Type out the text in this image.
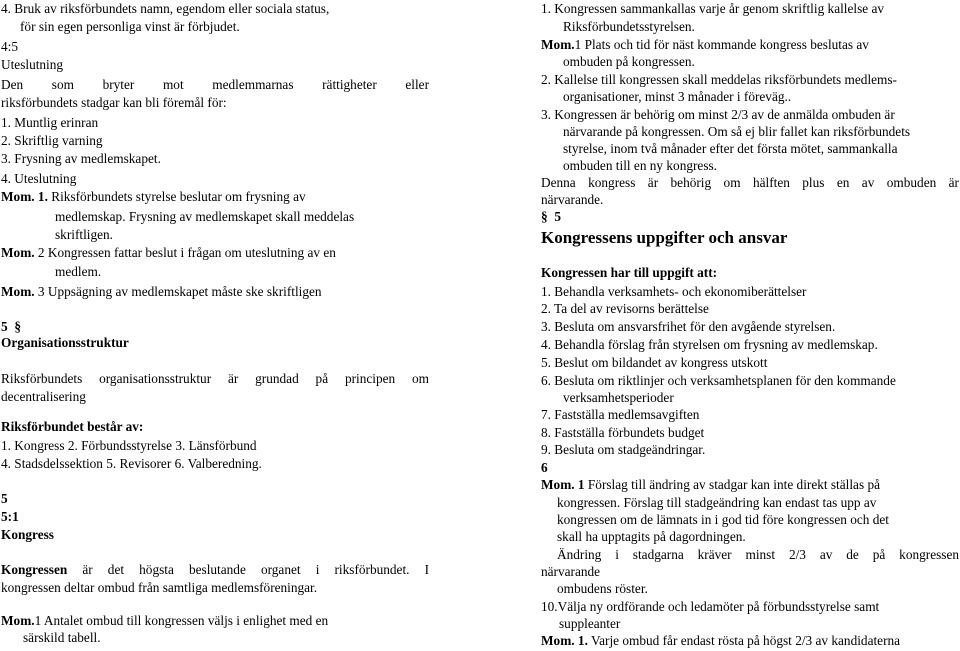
4. Bruk av riksförbundets namn, egendom eller sociala status,
för sin egen personliga vinst är förbjudet.
4:5
Uteslutning
Den som bryter mot medlemmarnas rättigheter eller
riksförbundets stadgar kan bli föremål för:
1. Muntlig erinran
2. Skriftlig varning
3. Frysning av medlemskapet.
4. Uteslutning
Mom. 1. Riksförbundets styrelse beslutar om frysning av
medlemskap. Frysning av medlemskapet skall meddelas
skriftligen.
Mom. 2 Kongressen fattar beslut i frågan om uteslutning av en
medlem.
Mom. 3 Uppsägning av medlemskapet måste ske skriftligen
5 §
Organisationsstruktur
Riksförbundets organisationsstruktur är grundad på principen om
decentralisering
Riksförbundet består av:
1. Kongress 2. Förbundsstyrelse 3. Länsförbund
4. Stadsdelssektion 5. Revisorer 6. Valberedning.
5
5:1
Kongress
Kongressen är det högsta beslutande organet i riksförbundet. I
kongressen deltar ombud från samtliga medlemsföreningar.
Mom.1 Antalet ombud till kongressen väljs i enlighet med en
särskild tabell.
1. Kongressen sammankallas varje år genom skriftlig kallelse av
Riksförbundetsstyrelsen.
Mom.1 Plats och tid för näst kommande kongress beslutas av
ombuden på kongressen.
2. Kallelse till kongressen skall meddelas riksförbundets medlems-
organisationer, minst 3 månader i föreväg..
3. Kongressen är behörig om minst 2/3 av de anmälda ombuden är
närvarande på kongressen. Om så ej blir fallet kan riksförbundets
styrelse, inom två månader efter det första mötet, sammankalla
ombuden till en ny kongress.
Denna kongress är behörig om hälften plus en av ombuden är
närvarande.
§ 5
Kongressens uppgifter och ansvar
Kongressen har till uppgift att:
1. Behandla verksamhets- och ekonomiberättelser
2. Ta del av revisorns berättelse
3. Besluta om ansvarsfrihet för den avgående styrelsen.
4. Behandla förslag från styrelsen om frysning av medlemskap.
5. Beslut om bildandet av kongress utskott
6. Besluta om riktlinjer och verksamhetsplanen för den kommande
verksamhetsperioder
7. Fastställa medlemsavgiften
8. Fastställa förbundets budget
9. Besluta om stadgeändringar.
6
Mom. 1 Förslag till ändring av stadgar kan inte direkt ställas på
kongressen. Förslag till stadgeändring kan endast tas upp av
kongressen om de lämnats in i god tid före kongressen och det
skall ha upptagits på dagordningen.
Ändring i stadgarna kräver minst 2/3 av de på kongressen
närvarande
ombudens röster.
10.Välja ny ordförande och ledamöter på förbundsstyrelse samt
suppleanter
Mom. 1. Varje ombud får endast rösta på högst 2/3 av kandidaterna
